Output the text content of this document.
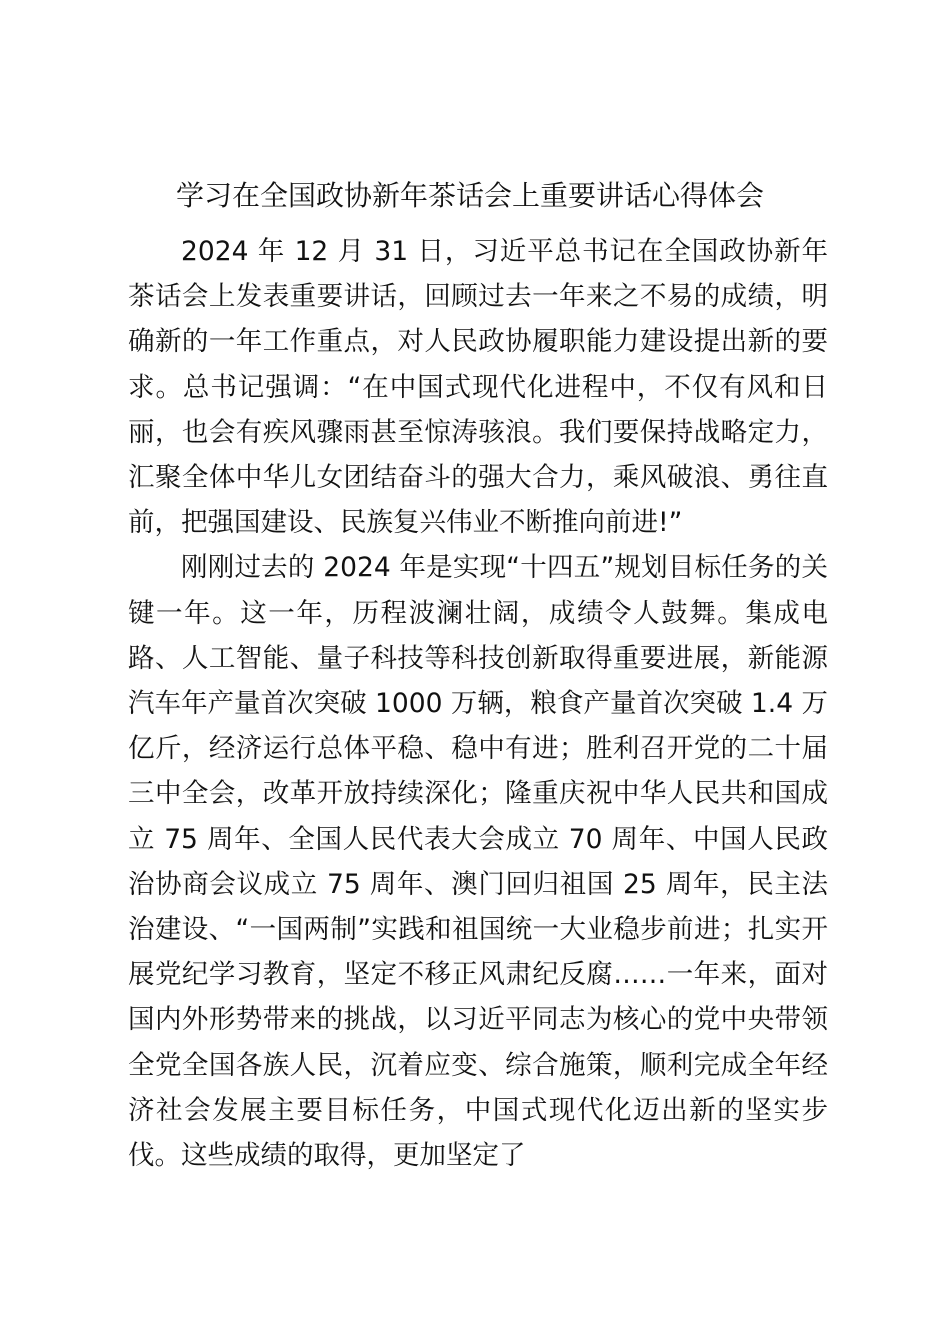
学习在全国政协新年茶话会上重要讲话心得体会

2024 年 12 月 31 日，习近平总书记在全国政协新年茶话会上发表重要讲话，回顾过去一年来之不易的成绩，明确新的一年工作重点，对人民政协履职能力建设提出新的要求。总书记强调：“在中国式现代化进程中，不仅有风和日丽，也会有疾风骤雨甚至惊涛骇浪。我们要保持战略定力，汇聚全体中华儿女团结奋斗的强大合力，乘风破浪、勇往直前，把强国建设、民族复兴伟业不断推向前进!”

刚刚过去的 2024 年是实现“十四五”规划目标任务的关键一年。这一年，历程波澜壮阔，成绩令人鼓舞。集成电路、人工智能、量子科技等科技创新取得重要进展，新能源汽车年产量首次突破 1000 万辆，粮食产量首次突破 1.4 万亿斤，经济运行总体平稳、稳中有进；胜利召开党的二十届三中全会，改革开放持续深化；隆重庆祝中华人民共和国成立 75 周年、全国人民代表大会成立 70 周年、中国人民政治协商会议成立 75 周年、澳门回归祖国 25 周年，民主法治建设、“一国两制”实践和祖国统一大业稳步前进；扎实开展党纪学习教育，坚定不移正风肃纪反腐……一年来，面对国内外形势带来的挑战，以习近平同志为核心的党中央带领全党全国各族人民，沉着应变、综合施策，顺利完成全年经济社会发展主要目标任务，中国式现代化迈出新的坚实步伐。这些成绩的取得，更加坚定了
